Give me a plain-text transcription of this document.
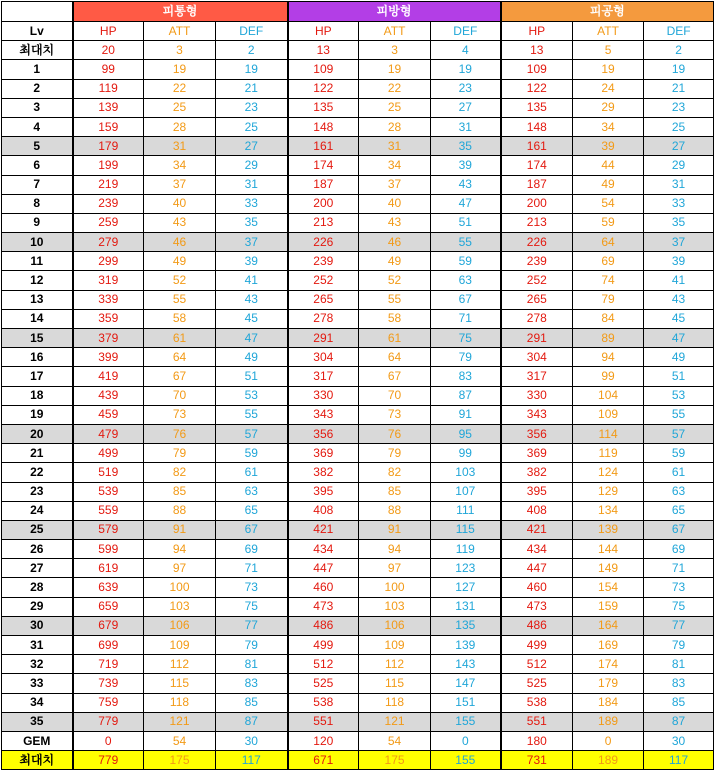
	피통형			피방형			피공형		
Lv	HP	ATT	DEF	HP	ATT	DEF	HP	ATT	DEF
최대치	20	3	2	13	3	4	13	5	2
1	99	19	19	109	19	19	109	19	19
2	119	22	21	122	22	23	122	24	21
3	139	25	23	135	25	27	135	29	23
4	159	28	25	148	28	31	148	34	25
5	179	31	27	161	31	35	161	39	27
6	199	34	29	174	34	39	174	44	29
7	219	37	31	187	37	43	187	49	31
8	239	40	33	200	40	47	200	54	33
9	259	43	35	213	43	51	213	59	35
10	279	46	37	226	46	55	226	64	37
11	299	49	39	239	49	59	239	69	39
12	319	52	41	252	52	63	252	74	41
13	339	55	43	265	55	67	265	79	43
14	359	58	45	278	58	71	278	84	45
15	379	61	47	291	61	75	291	89	47
16	399	64	49	304	64	79	304	94	49
17	419	67	51	317	67	83	317	99	51
18	439	70	53	330	70	87	330	104	53
19	459	73	55	343	73	91	343	109	55
20	479	76	57	356	76	95	356	114	57
21	499	79	59	369	79	99	369	119	59
22	519	82	61	382	82	103	382	124	61
23	539	85	63	395	85	107	395	129	63
24	559	88	65	408	88	111	408	134	65
25	579	91	67	421	91	115	421	139	67
26	599	94	69	434	94	119	434	144	69
27	619	97	71	447	97	123	447	149	71
28	639	100	73	460	100	127	460	154	73
29	659	103	75	473	103	131	473	159	75
30	679	106	77	486	106	135	486	164	77
31	699	109	79	499	109	139	499	169	79
32	719	112	81	512	112	143	512	174	81
33	739	115	83	525	115	147	525	179	83
34	759	118	85	538	118	151	538	184	85
35	779	121	87	551	121	155	551	189	87
GEM	0	54	30	120	54	0	180	0	30
최대치	779	175	117	671	175	155	731	189	117
